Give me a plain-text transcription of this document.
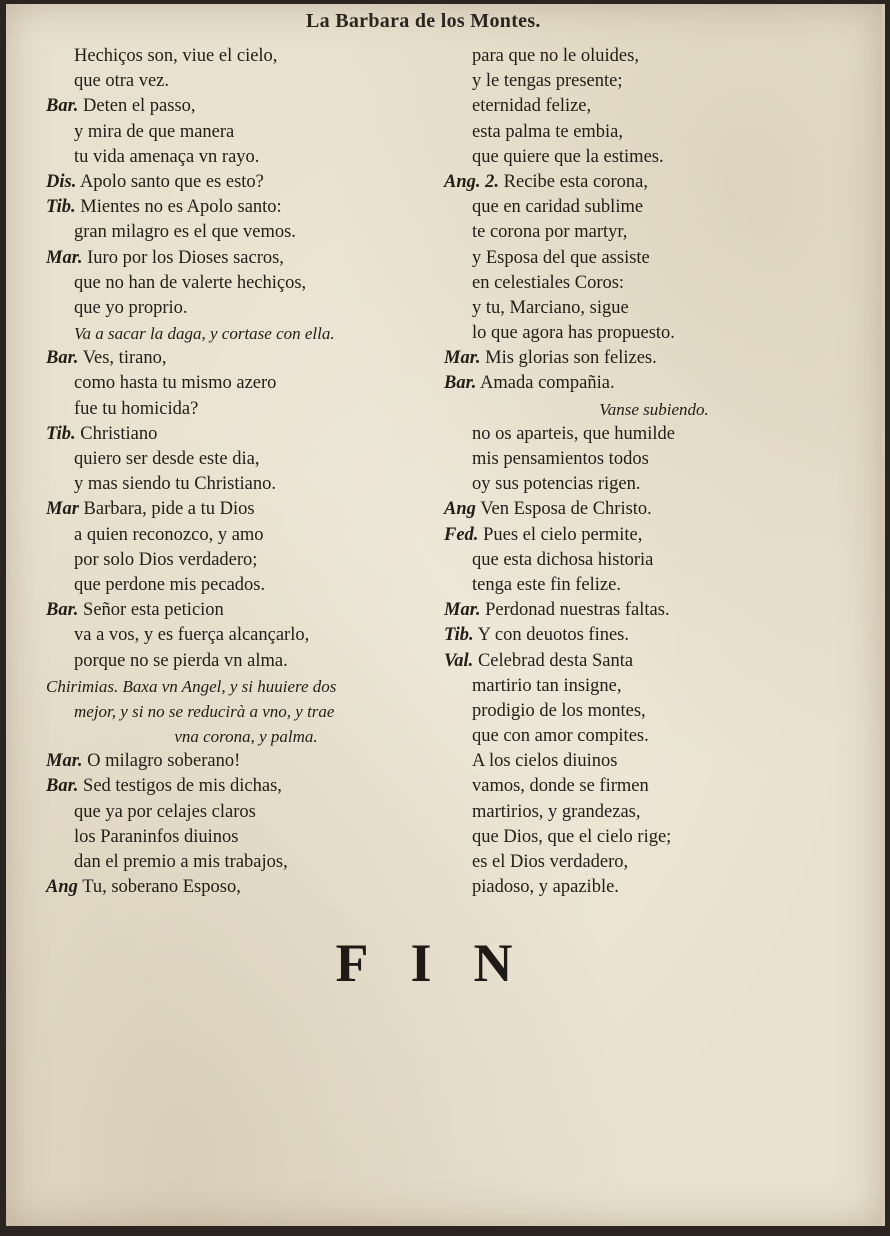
La Barbara de los Montes.
Hechiços son, viue el cielo,
que otra vez.
Bar. Deten el passo,
y mira de que manera
tu vida amenaça vn rayo.
Dis. Apolo santo que es esto?
Tib. Mientes no es Apolo santo:
gran milagro es el que vemos.
Mar. Iuro por los Dioses sacros,
que no han de valerte hechiços,
que yo proprio.
Va a sacar la daga, y cortase con ella.
Bar. Ves, tirano,
como hasta tu mismo azero
fue tu homicida?
Tib. Christiano
quiero ser desde este dia,
y mas siendo tu Christiano.
Mar Barbara, pide a tu Dios
a quien reconozco, y amo
por solo Dios verdadero;
que perdone mis pecados.
Bar. Señor esta peticion
va a vos, y es fuerça alcançarlo,
porque no se pierda vn alma.
Chirimias. Baxa vn Angel, y si huuiere dos
mejor, y si no se reducirà a vno, y trae
vna corona, y palma.
Mar. O milagro soberano!
Bar. Sed testigos de mis dichas,
que ya por celajes claros
los Paraninfos diuinos
dan el premio a mis trabajos,
Ang Tu, soberano Esposo,
para que no le oluides,
y le tengas presente;
eternidad felize,
esta palma te embia,
que quiere que la estimes.
Ang. 2. Recibe esta corona,
que en caridad sublime
te corona por martyr,
y Esposa del que assiste
en celestiales Coros:
y tu, Marciano, sigue
lo que agora has propuesto.
Mar. Mis glorias son felizes.
Bar. Amada compañia.
Vanse subiendo.
no os aparteis, que humilde
mis pensamientos todos
oy sus potencias rigen.
Ang Ven Esposa de Christo.
Fed. Pues el cielo permite,
que esta dichosa historia
tenga este fin felize.
Mar. Perdonad nuestras faltas.
Tib. Y con deuotos fines.
Val. Celebrad desta Santa
martirio tan insigne,
prodigio de los montes,
que con amor compites.
A los cielos diuinos
vamos, donde se firmen
martirios, y grandezas,
que Dios, que el cielo rige;
es el Dios verdadero,
piadoso, y apazible.
FIN
